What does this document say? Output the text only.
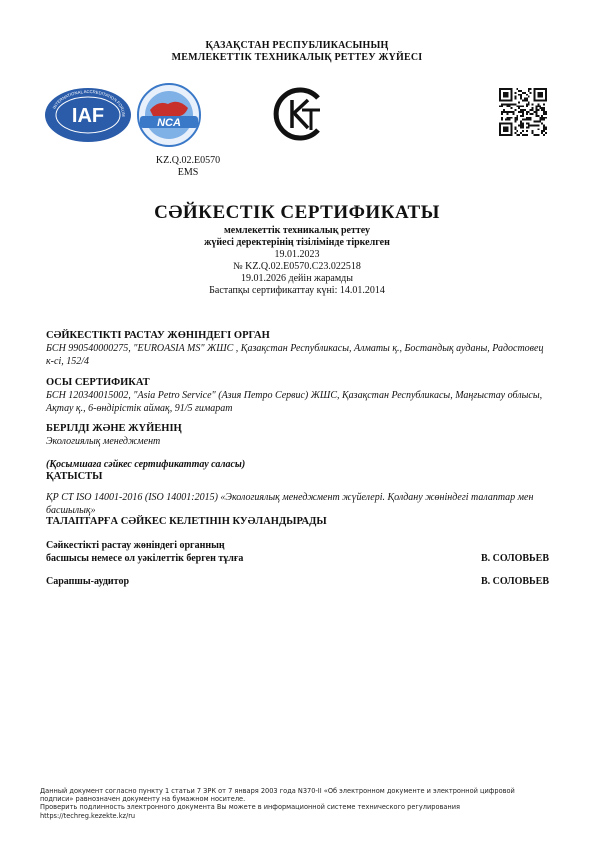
ҚАЗАҚСТАН РЕСПУБЛИКАСЫНЫҢ
МЕМЛЕКЕТТІК ТЕХНИКАЛЫҚ РЕТТЕУ ЖҮЙЕСІ
IAF
INTERNATIONAL ACCREDITATION FORUM
NCA
KZ.Q.02.E0570
EMS
СӘЙКЕСТІК СЕРТИФИКАТЫ
мемлекеттік техникалық реттеу
жүйесі деректерінің тізілімінде тіркелген
19.01.2023
№ KZ.Q.02.E0570.C23.022518
19.01.2026 дейін жарамды
Бастапқы сертификаттау күні: 14.01.2014
СӘЙКЕСТІКТІ РАСТАУ ЖӨНІНДЕГІ ОРГАН
БСН 990540000275, "EUROASIA MS" ЖШС , Қазақстан Республикасы, Алматы қ., Бостандық ауданы, Радостовец к-сі, 152/4
ОСЫ СЕРТИФИКАТ
БСН 120340015002, "Asia Petro Service" (Азия Петро Сервис) ЖШС, Қазақстан Республикасы, Маңғыстау облысы, Ақтау қ., 6-өндірістік аймақ, 91/5 ғимарат
БЕРІЛДІ ЖӘНЕ ЖҮЙЕНІҢ
Экологиялық менеджмент
(Қосымшаға сәйкес сертификаттау саласы)
ҚАТЫСТЫ
ҚР СТ ISO 14001-2016 (ISO 14001:2015) «Экологиялық менеджмент жүйелері. Қолдану жөніндегі талаптар мен басшылық»
ТАЛАПТАРҒА СӘЙКЕС КЕЛЕТІНІН КУӘЛАНДЫРАДЫ
Сәйкестікті растау жөніндегі органның
басшысы немесе ол уәкілеттік берген тұлға	В. СОЛОВЬЕВ
Сарапшы-аудитор	В. СОЛОВЬЕВ
Данный документ согласно пункту 1 статьи 7 ЗРК от 7 января 2003 года N370-II «Об электронном документе и электронной цифровой
подписи» равнозначен документу на бумажном носителе.
Проверить подлинность электронного документа Вы можете в информационной системе технического регулирования
https://techreg.kezekte.kz/ru
